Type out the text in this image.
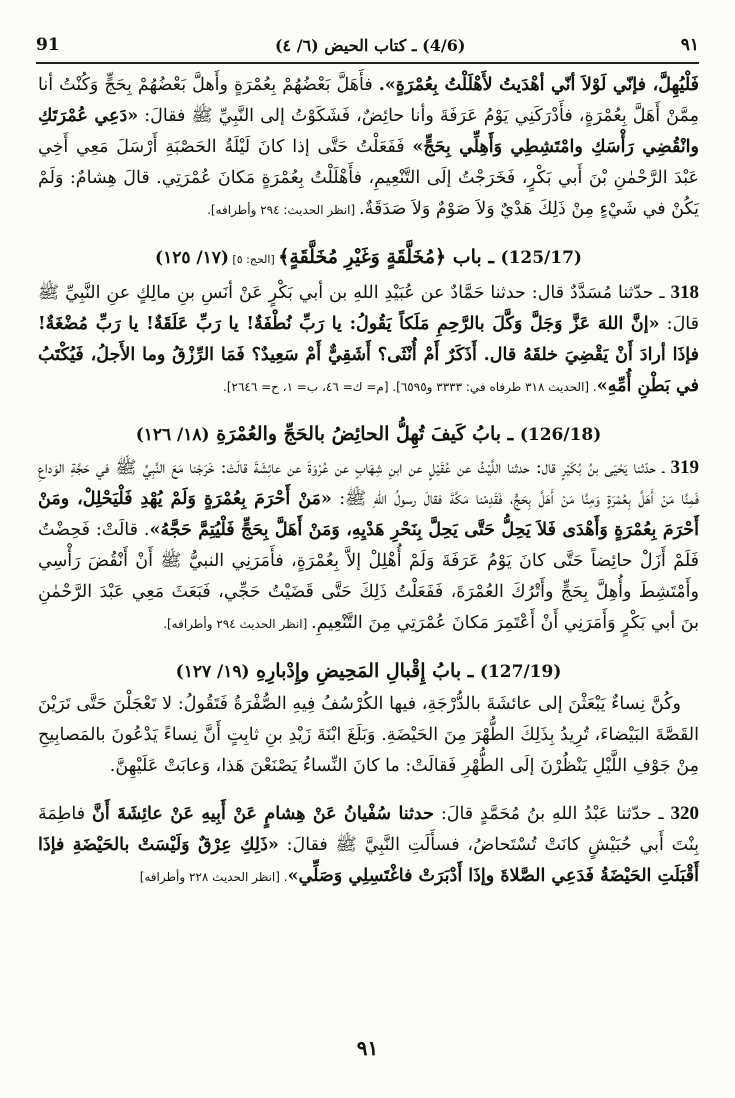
91	(4/6) ـ كتاب الحيض (٦/ ٤)	٩١

فَلْيُهِلَّ، فإنّي لَوْلاَ أنّي أهْدَيتُ لأَهْلَلْتُ بِعُمْرَةٍ». فأَهَلَّ بَعْضُهُمْ بِعُمْرَةٍ وأَهلَّ بَعْضُهُمْ بِحَجٍّ وَكُنْتُ أنا مِمَّنْ أَهَلَّ بِعُمْرَةٍ، فأَدْرَكَنِي يَوْمُ عَرَفَةَ وأنا حائِضٌ، فَشَكَوْتُ إلى النَّبِيِّ ﷺ فقالَ: «دَعِي عُمْرَتَكِ وانْقُضِي رَأْسَكِ وامْتَشِطِي وَأَهِلِّي بِحَجٍّ» فَفَعَلْتُ حَتَّى إذا كانَ لَيْلَةُ الحَصْبَةِ أَرْسَلَ مَعِي أَخِي عَبْدَ الرَّحْمٰنِ بْنَ أَبي بَكْرٍ، فَخَرَجْتُ إلَى التَّنْعِيمِ، فأَهْلَلْتُ بِعُمْرَةٍ مَكانَ عُمْرَتِي. قالَ هِشامٌ: وَلَمْ يَكُنْ في شَيْءٍ مِنْ ذَلِكَ هَدْيٌ وَلاَ صَوْمٌ وَلاَ صَدَقَةٌ. [انظر الحديث: ٢٩٤ وأطرافه].

(125/17) ـ باب ﴿مُخَلَّقَةٍ وَغَيْرِ مُخَلَّقَةٍ﴾ [الحج: ٥] (١٧/ ١٢٥)

318 ـ حدّثنا مُسَدَّدٌ قال: حدثنا حَمَّادٌ عن عُبَيْدِ اللهِ بن أبي بَكْرٍ عَنْ أنَسِ بنِ مالِكٍ عنِ النَّبِيِّ ﷺ قالَ: «إنَّ اللهَ عَزَّ وَجَلَّ وَكَّلَ بالرَّحِمِ مَلَكاً يَقُولُ: يا رَبِّ نُطْفَةٌ! يا رَبِّ عَلَقَةٌ! يا رَبِّ مُضْغَةٌ! فإذَا أرادَ أَنْ يَقْضِيَ خلقَهُ قال. أَذَكَرٌ أَمْ أُنْثَى؟ أَشَقِيٌّ أَمْ سَعِيدٌ؟ فَمَا الرِّزْقُ وما الأَجلُ، فَيُكْتَبُ في بَطْنِ أُمِّهِ». [الحديث ٣١٨ طرفاه في: ٣٣٣٣ و٦٥٩٥]. [م= ك= ٤٦، ب= ١، ح= ٢٦٤٦].

(126/18) ـ بابُ كَيفَ تُهِلُّ الحائِضُ بالحَجِّ والعُمْرَةِ (١٨/ ١٢٦)

319 ـ حدّثنا يَحْيَى بنُ بُكَيْرٍ قال: حدثنا اللَّيْثُ عن عُقَيْلٍ عن ابنِ شِهَابٍ عن عُرْوَةَ عن عائِشَةَ قالَتْ: خَرَجْنا مَعَ النَّبِيِّ ﷺ في حَجَّةِ الوَداعِ فَمِنَّا مَنْ أَهَلَّ بِعُمْرَةٍ وَمِنَّا مَنْ أَهَلَّ بِحَجٍّ، فَقَدِمْنا مَكَّةَ فقالَ رسولُ اللهِ ﷺ: «مَنْ أَحْرَمَ بِعُمْرَةٍ وَلَمْ يُهْدِ فَلْيَحْلِلْ، ومَنْ أَحْرَمَ بِعُمْرَةٍ وَأَهْدَى فَلاَ يَحِلُّ حَتَّى يَحِلَّ بِنَحْرِ هَدْيِهِ، وَمَنْ أَهَلَّ بِحَجٍّ فَلْيُتِمَّ حَجَّهُ». قالَتْ: فَحِضْتُ فَلَمْ أَزَلْ حائِضاً حَتَّى كانَ يَوْمُ عَرَفَةَ وَلَمْ أُهْلِلْ إلاَّ بِعُمْرَةٍ، فأَمَرَنِي النبيُّ ﷺ أَنْ أَنْقُضَ رَأْسِي وأَمْتَشِطَ وأُهِلَّ بِحَجٍّ وأَتْرُكَ العُمْرَةَ، فَفَعَلْتُ ذَلِكَ حَتَّى قَضَيْتُ حَجِّي، فَبَعَثَ مَعِي عَبْدَ الرَّحْمٰنِ بنَ أبي بَكْرٍ وَأَمَرَنِي أَنْ أَعْتَمِرَ مَكانَ عُمْرَتِي مِنَ التَّنْعِيمِ. [انظر الحديث ٢٩٤ وأطرافه].

(127/19) ـ بابُ إِقْبالِ المَحِيضِ وإِدْبارِهِ (١٩/ ١٢٧)

وكُنَّ نِساءٌ يَبْعَثْنَ إلى عائشَةَ بالدُّرْجَةِ، فيها الكُرْسُفُ فِيهِ الصُّفْرَةُ فَتَقُولُ: لا تَعْجَلْنَ حَتَّى تَرَيْنَ القَصَّةَ البَيْضاءَ، تُرِيدُ بِذَلِكَ الطُّهْرَ مِنَ الحَيْضَةِ. وَبَلَغَ ابْنَةَ زَيْدِ بنِ ثابِتٍ أَنَّ نِساءً يَدْعُونَ بالمَصابِيحِ مِنْ جَوْفِ اللَّيْلِ يَنْظُرْنَ إلَى الطُّهْرِ فَقالَتْ: ما كانَ النِّساءُ يَصْنَعْنَ هَذا، وَعابَتْ عَلَيْهِنَّ.

320 ـ حدّثنا عَبْدُ اللهِ بنُ مُحَمَّدٍ قالَ: حدثنا سُفْيانُ عَنْ هِشامٍ عَنْ أَبِيهِ عَنْ عائِشَةَ أَنَّ فاطِمَةَ بِنْتَ أَبي حُبَيْشٍ كانَتْ تُسْتَحاضُ، فسأَلَتِ النَّبِيَّ ﷺ فقالَ: «ذَلِكِ عِرْقٌ وَلَيْسَتْ بالحَيْضَةِ فإذَا أَقْبَلَتِ الحَيْضَةُ فَدَعِي الصَّلاةَ وإذَا أَدْبَرَتْ فاغْتَسِلِي وَصَلِّي». [انظر الحديث ٢٢٨ وأطرافه]

٩١
